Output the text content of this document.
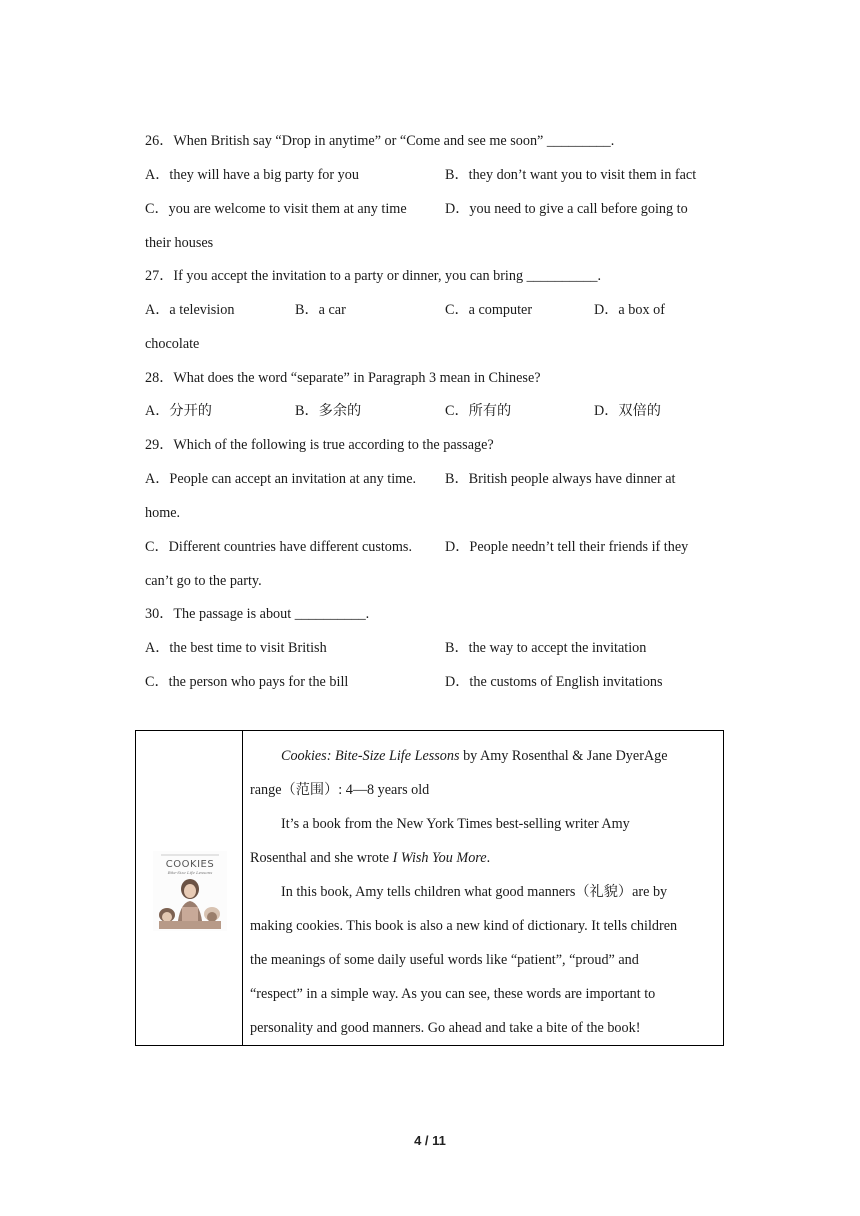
26．When British say “Drop in anytime” or “Come and see me soon” _________.
A．they will have a big party for you	B．they don’t want you to visit them in fact
C．you are welcome to visit them at any time	D．you need to give a call before going to
their houses
27．If you accept the invitation to a party or dinner, you can bring __________.
A．a television	B．a car	C．a computer	D．a box of
chocolate
28．What does the word “separate” in Paragraph 3 mean in Chinese?
A．分开的	B．多余的	C．所有的	D．双倍的
29．Which of the following is true according to the passage?
A．People can accept an invitation at any time. B．British people always have dinner at
home.
C．Different countries have different customs. D．People needn’t tell their friends if they
can’t go to the party.
30．The passage is about __________.
A．the best time to visit British	B．the way to accept the invitation
C．the person who pays for the bill	D．the customs of English invitations
COOKIES
Bite-Size Life Lessons
Cookies: Bite-Size Life Lessons by Amy Rosenthal & Jane DyerAge
range（范围）: 4—8 years old
It’s a book from the New York Times best-selling writer Amy
Rosenthal and she wrote I Wish You More.
In this book, Amy tells children what good manners（礼貌）are by
making cookies. This book is also a new kind of dictionary. It tells children
the meanings of some daily useful words like “patient”, “proud” and
“respect” in a simple way. As you can see, these words are important to
personality and good manners. Go ahead and take a bite of the book!
4 / 11
